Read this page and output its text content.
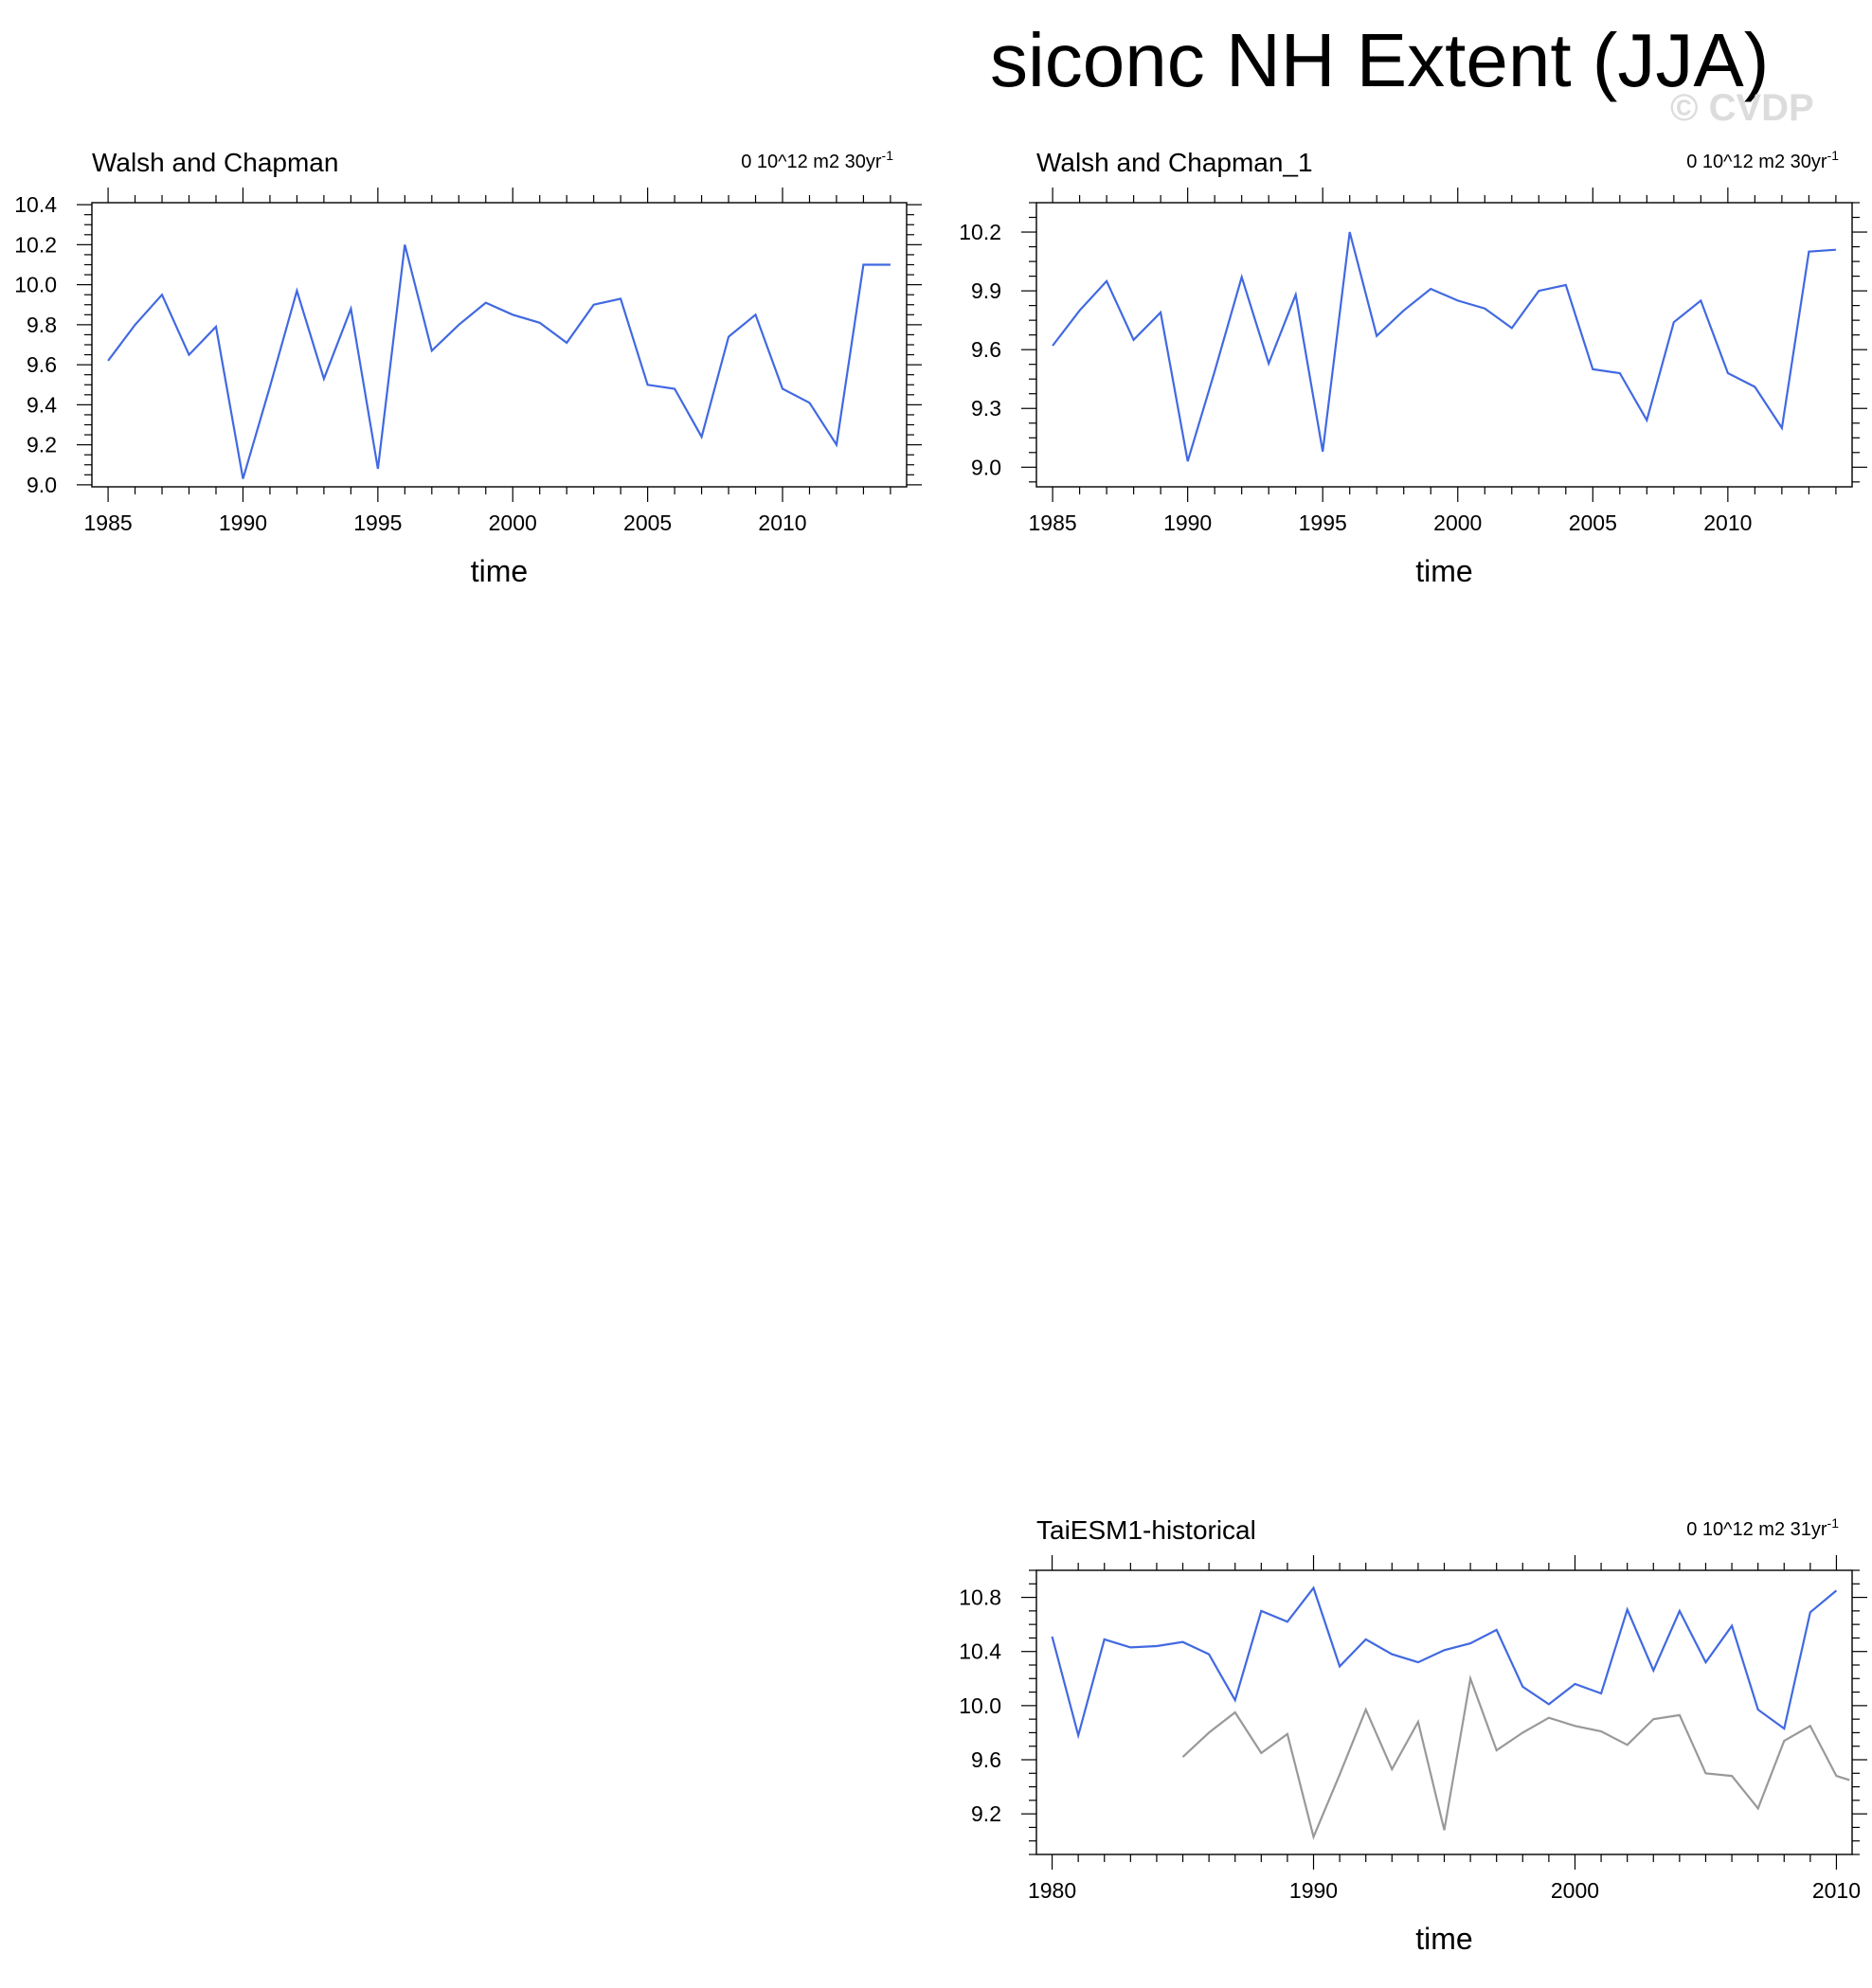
siconc NH Extent (JJA)
© CVDP
Walsh and Chapman	0 10^12 m2 $30yr^{-1}$
time
1985	1990	1995	2000	2005	2010
9.0
9.2
9.4
9.6
9.8
10.0
10.2
10.4
Walsh and Chapman_1	0 10^12 m2 $30yr^{-1}$
time
1985	1990	1995	2000	2005	2010
9.0
9.3
9.6
9.9
10.2
TaiESM1-historical	0 10^12 m2 $31yr^{-1}$
time
1980	1990	2000	2010
9.2
9.6
10.0
10.4
10.8
